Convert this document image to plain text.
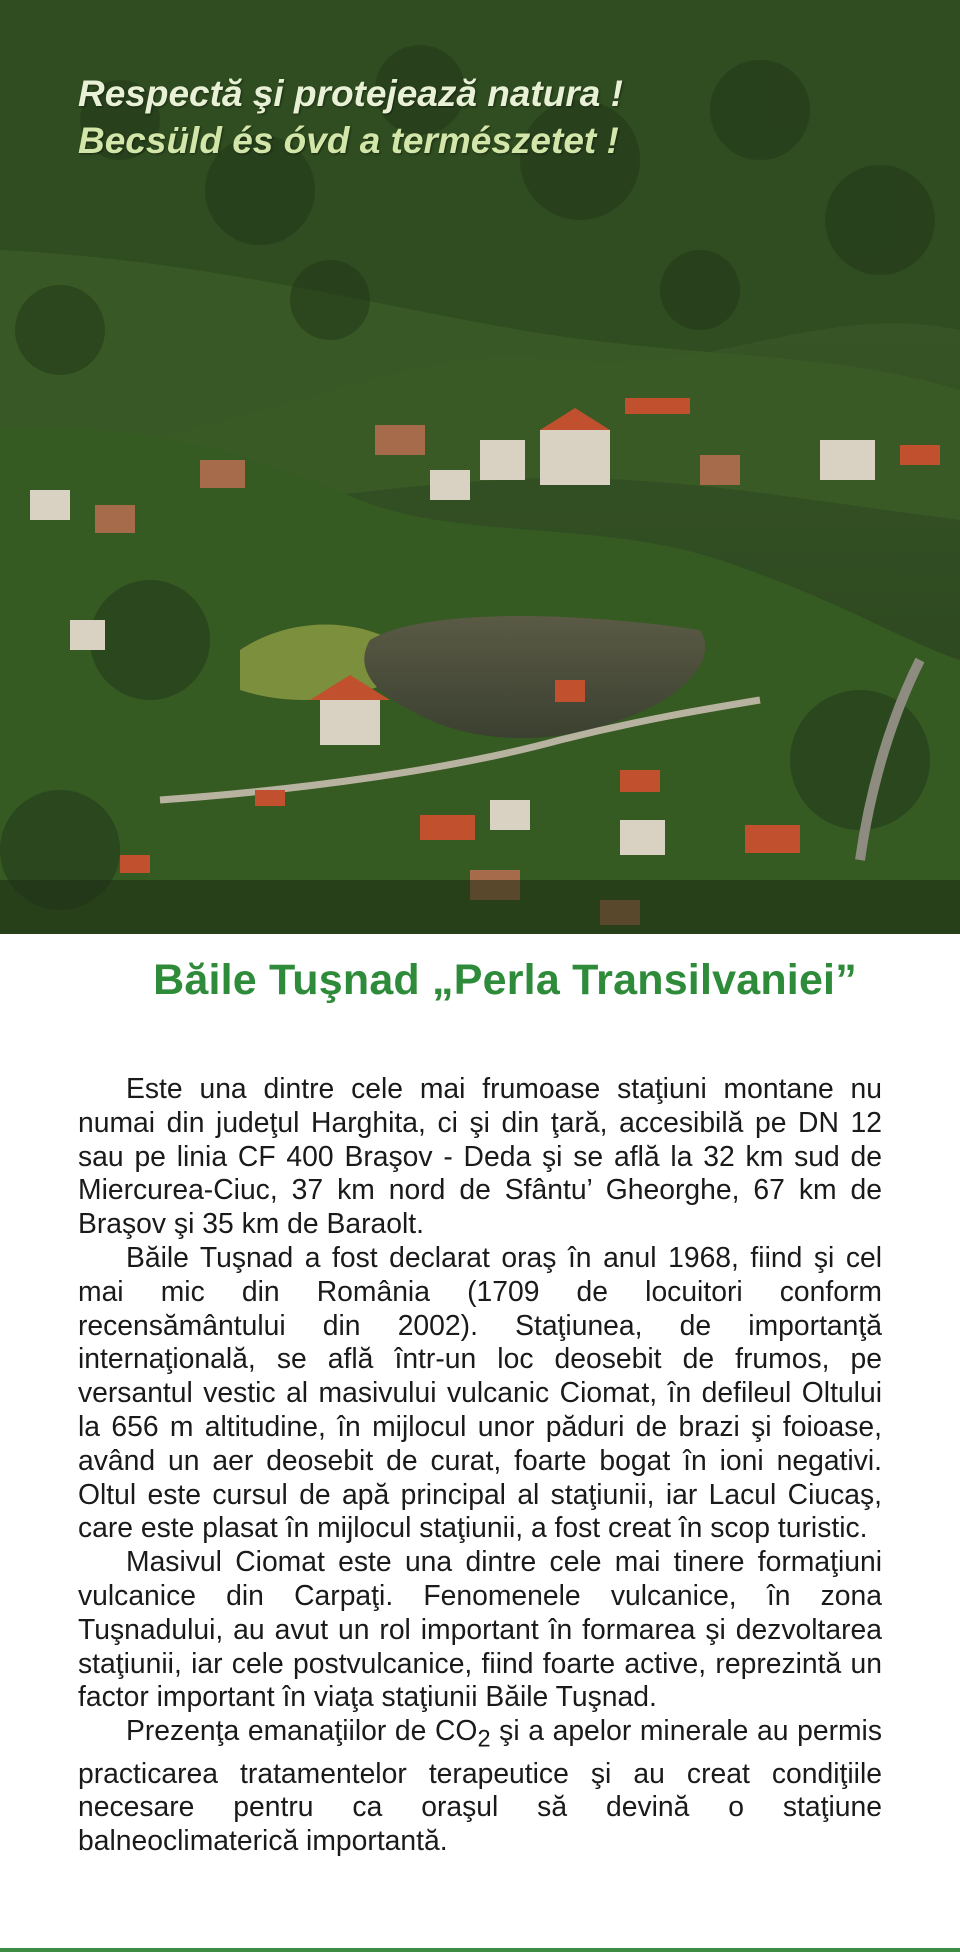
Respectă şi protejează natura !
Becsüld és óvd a természetet !
Băile Tuşnad „Perla Transilvaniei”

Este una dintre cele mai frumoase staţiuni montane nu numai din judeţul Harghita, ci şi din ţară, accesibilă pe DN 12 sau pe linia CF 400 Braşov - Deda şi se află la 32 km sud de Miercurea-Ciuc, 37 km nord de Sfântu’ Gheorghe, 67 km de Braşov şi 35 km de Baraolt.

Băile Tuşnad a fost declarat oraş în anul 1968, fiind şi cel mai mic din România (1709 de locuitori conform recensământului din 2002). Staţiunea, de importanţă internaţională, se află într-un loc deosebit de frumos, pe versantul vestic al masivului vulcanic Ciomat, în defileul Oltului la 656 m altitudine, în mijlocul unor păduri de brazi şi foioase, având un aer deosebit de curat, foarte bogat în ioni negativi. Oltul este cursul de apă principal al staţiunii, iar Lacul Ciucaş, care este plasat în mijlocul staţiunii, a fost creat în scop turistic.

Masivul Ciomat este una dintre cele mai tinere formaţiuni vulcanice din Carpaţi. Fenomenele vulcanice, în zona Tuşnadului, au avut un rol important în formarea şi dezvoltarea staţiunii, iar cele postvulcanice, fiind foarte active, reprezintă un factor important în viaţa staţiunii Băile Tuşnad.

Prezenţa emanaţiilor de $CO_2$ şi a apelor minerale au permis practicarea tratamentelor terapeutice şi au creat condiţiile necesare pentru ca oraşul să devină o staţiune balneoclimaterică importantă.
